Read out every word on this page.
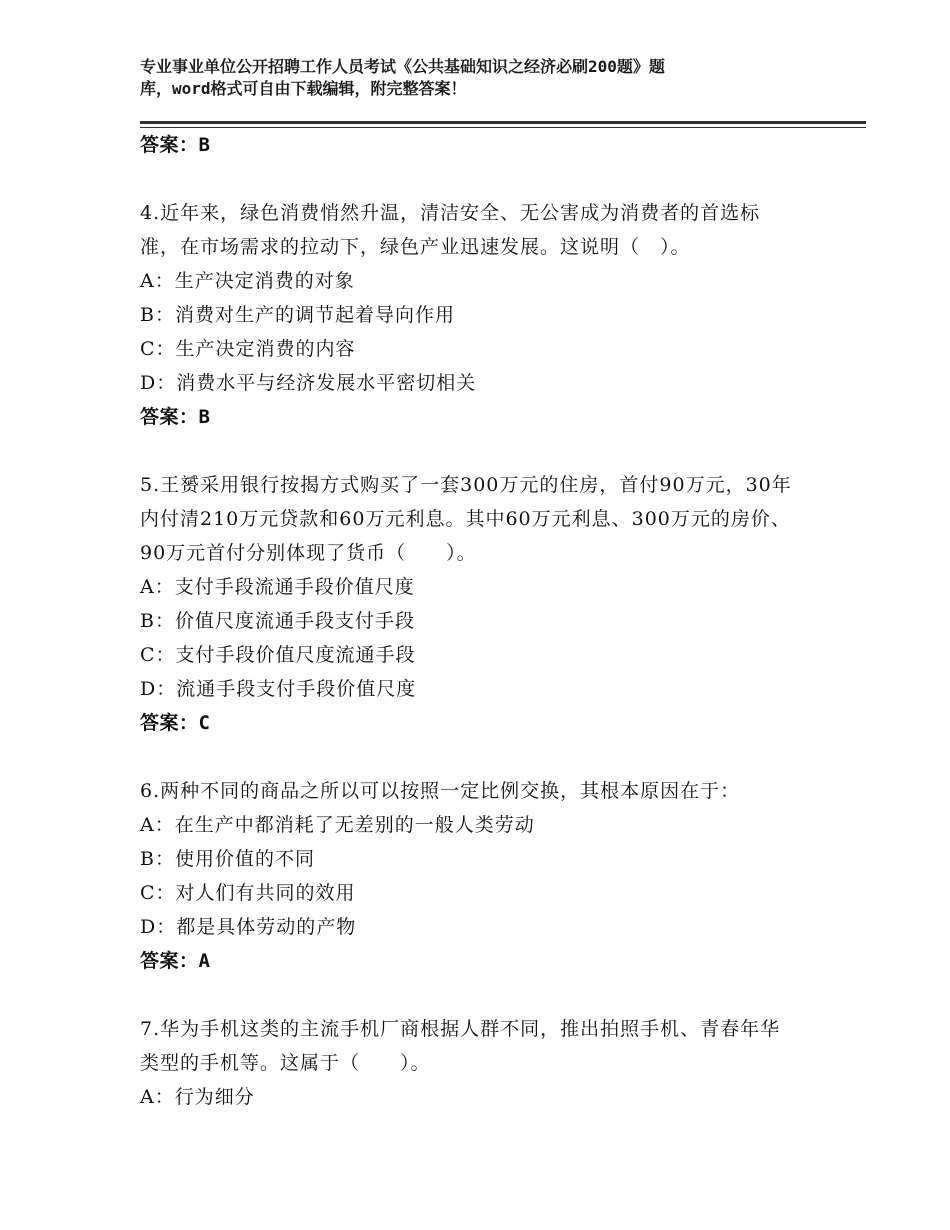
专业事业单位公开招聘工作人员考试《公共基础知识之经济必刷200题》题
库，word格式可自由下载编辑，附完整答案！
答案：B
4.近年来，绿色消费悄然升温，清洁安全、无公害成为消费者的首选标准，在市场需求的拉动下，绿色产业迅速发展。这说明（　）。
A：生产决定消费的对象
B：消费对生产的调节起着导向作用
C：生产决定消费的内容
D：消费水平与经济发展水平密切相关
答案：B
5.王赟采用银行按揭方式购买了一套300万元的住房，首付90万元，30年内付清210万元贷款和60万元利息。其中60万元利息、300万元的房价、90万元首付分别体现了货币（　　）。
A：支付手段流通手段价值尺度
B：价值尺度流通手段支付手段
C：支付手段价值尺度流通手段
D：流通手段支付手段价值尺度
答案：C
6.两种不同的商品之所以可以按照一定比例交换，其根本原因在于：
A：在生产中都消耗了无差别的一般人类劳动
B：使用价值的不同
C：对人们有共同的效用
D：都是具体劳动的产物
答案：A
7.华为手机这类的主流手机厂商根据人群不同，推出拍照手机、青春年华类型的手机等。这属于（　　）。
A：行为细分
